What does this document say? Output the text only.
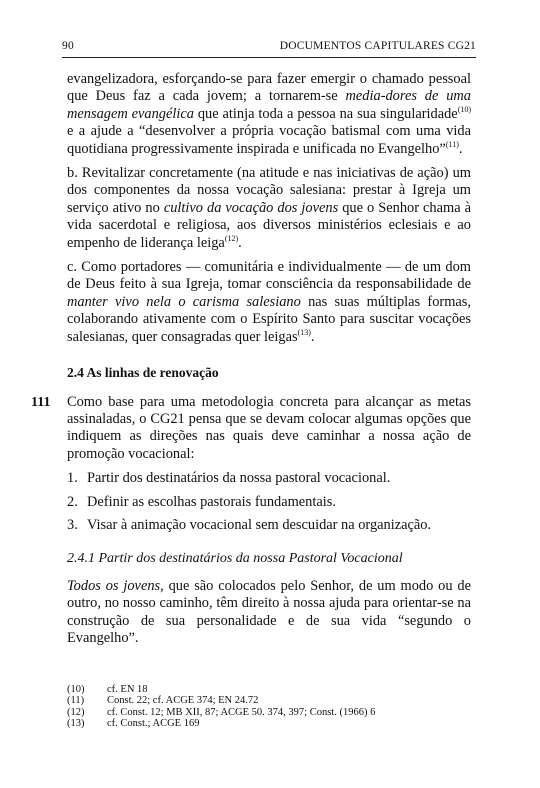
90	DOCUMENTOS CAPITULARES CG21

evangelizadora, esforçando-se para fazer emergir o chamado pessoal que Deus faz a cada jovem; a tornarem-se media-dores de uma mensagem evangélica que atinja toda a pessoa na sua singularidade$^{(10)}$ e a ajude a “desenvolver a própria vocação batismal com uma vida quotidiana progressivamente inspirada e unificada no Evangelho”$^{(11)}$.

b. Revitalizar concretamente (na atitude e nas iniciativas de ação) um dos componentes da nossa vocação salesiana: prestar à Igreja um serviço ativo no cultivo da vocação dos jovens que o Senhor chama à vida sacerdotal e religiosa, aos diversos ministérios eclesiais e ao empenho de liderança leiga$^{(12)}$.

c. Como portadores — comunitária e individualmente — de um dom de Deus feito à sua Igreja, tomar consciência da responsabilidade de manter vivo nela o carisma salesiano nas suas múltiplas formas, colaborando ativamente com o Espírito Santo para suscitar vocações salesianas, quer consagradas quer leigas$^{(13)}$.

2.4 As linhas de renovação

111 Como base para uma metodologia concreta para alcançar as metas assinaladas, o CG21 pensa que se devam colocar algumas opções que indiquem as direções nas quais deve caminhar a nossa ação de promoção vocacional:

1. Partir dos destinatários da nossa pastoral vocacional.
2. Definir as escolhas pastorais fundamentais.
3. Visar à animação vocacional sem descuidar na organização.
2.4.1 Partir dos destinatários da nossa Pastoral Vocacional

Todos os jovens, que são colocados pelo Senhor, de um modo ou de outro, no nosso caminho, têm direito à nossa ajuda para orientar-se na construção de sua personalidade e de sua vida “segundo o Evangelho”.

(10)	cf. EN 18
(11)	Const. 22; cf. ACGE 374; EN 24.72
(12)	cf. Const. 12; MB XII, 87; ACGE 50. 374, 397; Const. (1966) 6
(13)	cf. Const.; ACGE 169
